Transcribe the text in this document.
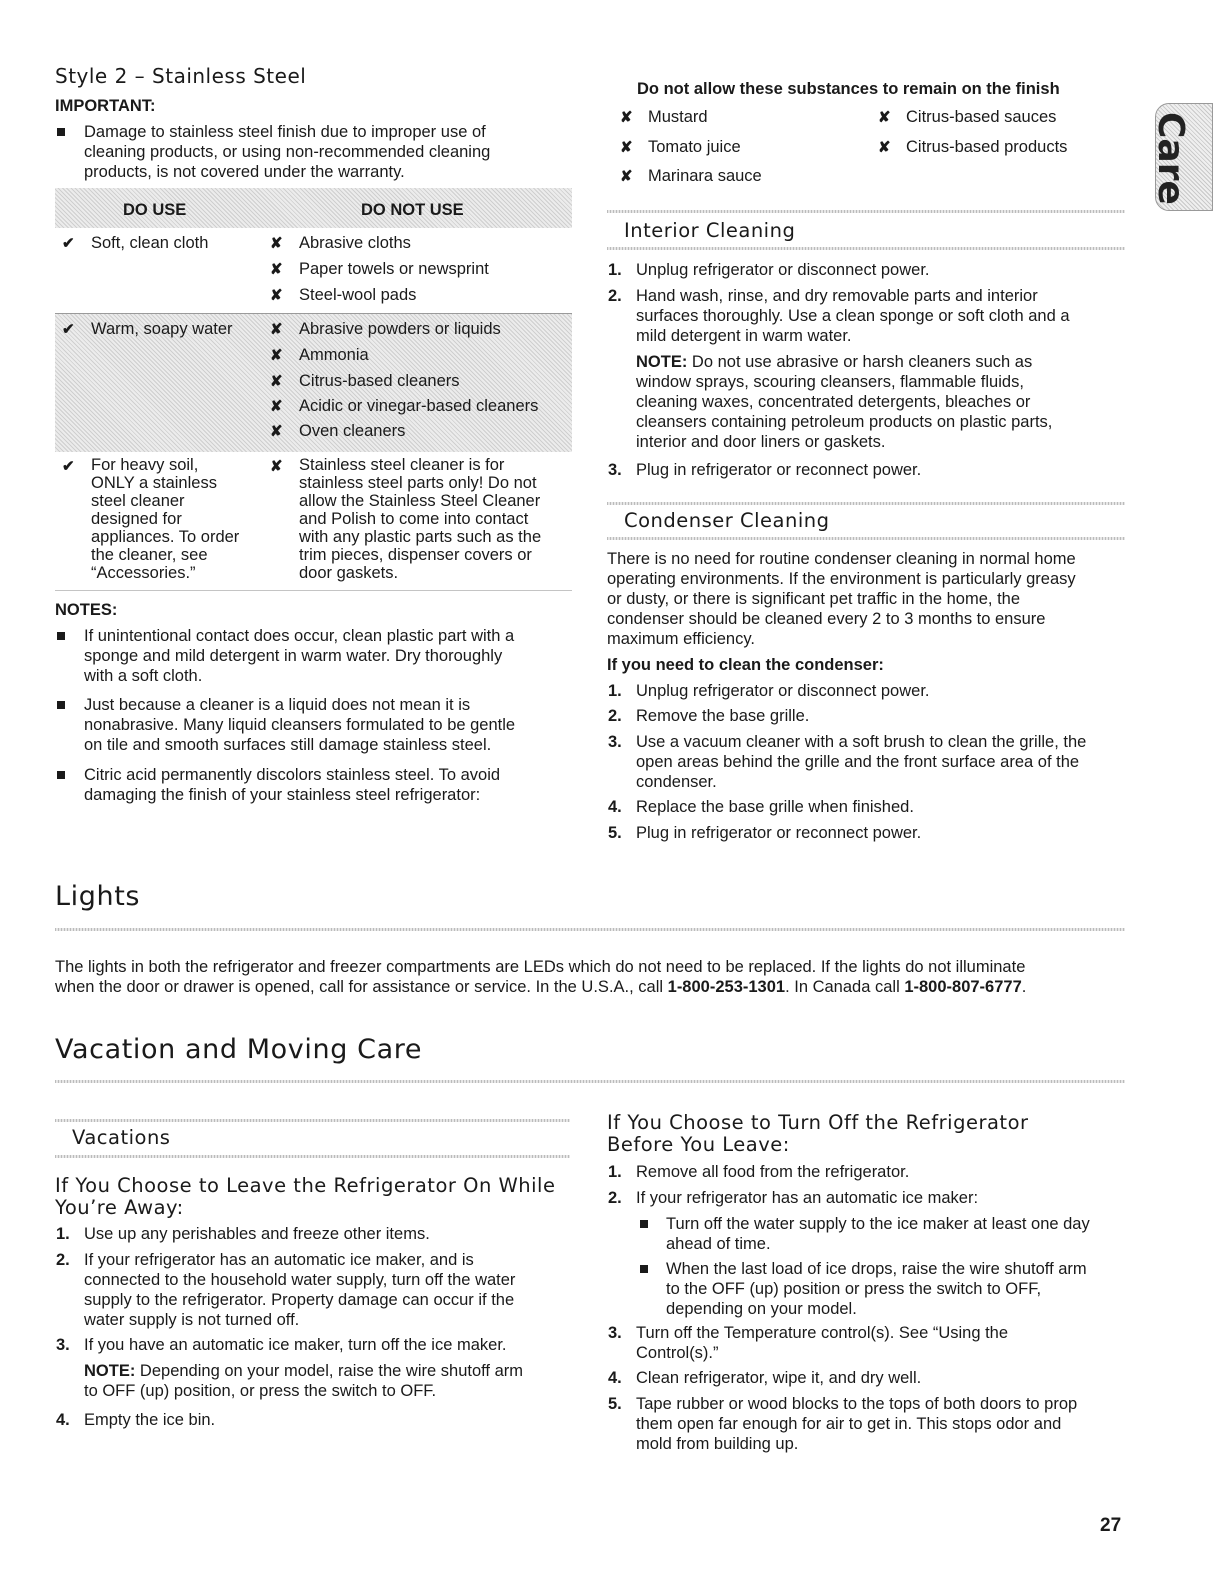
Style 2 – Stainless Steel
IMPORTANT:
Damage to stainless steel finish due to improper use of
cleaning products, or using non-recommended cleaning
products, is not covered under the warranty.
DO USE	DO NOT USE
✔ Soft, clean cloth	✘ Abrasive cloths
✘ Paper towels or newsprint
✘ Steel-wool pads
✔ Warm, soapy water ✘ Abrasive powders or liquids
✘ Ammonia
✘ Citrus-based cleaners
✘ Acidic or vinegar-based cleaners
✘ Oven cleaners
✔ For heavy soil,
ONLY a stainless
steel cleaner
designed for
appliances. To order
the cleaner, see
“Accessories.”
✘ Stainless steel cleaner is for
stainless steel parts only! Do not
allow the Stainless Steel Cleaner
and Polish to come into contact
with any plastic parts such as the
trim pieces, dispenser covers or
door gaskets.
NOTES:
If unintentional contact does occur, clean plastic part with a
sponge and mild detergent in warm water. Dry thoroughly
with a soft cloth.
Just because a cleaner is a liquid does not mean it is
nonabrasive. Many liquid cleansers formulated to be gentle
on tile and smooth surfaces still damage stainless steel.
Citric acid permanently discolors stainless steel. To avoid
damaging the finish of your stainless steel refrigerator:
Do not allow these substances to remain on the finish
✘ Mustard
✘ Tomato juice
✘ Marinara sauce
✘ Citrus-based sauces
✘ Citrus-based products Care
Interior Cleaning
1. Unplug refrigerator or disconnect power.
2. Hand wash, rinse, and dry removable parts and interior
surfaces thoroughly. Use a clean sponge or soft cloth and a
mild detergent in warm water.
NOTE: Do not use abrasive or harsh cleaners such as
window sprays, scouring cleansers, flammable fluids,
cleaning waxes, concentrated detergents, bleaches or
cleansers containing petroleum products on plastic parts,
interior and door liners or gaskets.
3. Plug in refrigerator or reconnect power.
Condenser Cleaning
There is no need for routine condenser cleaning in normal home
operating environments. If the environment is particularly greasy
or dusty, or there is significant pet traffic in the home, the
condenser should be cleaned every 2 to 3 months to ensure
maximum efficiency.
If you need to clean the condenser:
1. Unplug refrigerator or disconnect power.
2. Remove the base grille.
3. Use a vacuum cleaner with a soft brush to clean the grille, the
open areas behind the grille and the front surface area of the
condenser.
4. Replace the base grille when finished.
5. Plug in refrigerator or reconnect power.
Lights
The lights in both the refrigerator and freezer compartments are LEDs which do not need to be replaced. If the lights do not illuminate
when the door or drawer is opened, call for assistance or service. In the U.S.A., call 1-800-253-1301. In Canada call 1-800-807-6777.
Vacation and Moving Care
Vacations
If You Choose to Leave the Refrigerator On While
You’re Away:
1. Use up any perishables and freeze other items.
2. If your refrigerator has an automatic ice maker, and is
connected to the household water supply, turn off the water
supply to the refrigerator. Property damage can occur if the
water supply is not turned off.
3. If you have an automatic ice maker, turn off the ice maker.
NOTE: Depending on your model, raise the wire shutoff arm
to OFF (up) position, or press the switch to OFF.
4. Empty the ice bin.
If You Choose to Turn Off the Refrigerator
Before You Leave:
1. Remove all food from the refrigerator.
2. If your refrigerator has an automatic ice maker:
Turn off the water supply to the ice maker at least one day
ahead of time.
When the last load of ice drops, raise the wire shutoff arm
to the OFF (up) position or press the switch to OFF,
depending on your model.
3. Turn off the Temperature control(s). See “Using the
Control(s).”
4. Clean refrigerator, wipe it, and dry well.
5. Tape rubber or wood blocks to the tops of both doors to prop
them open far enough for air to get in. This stops odor and
mold from building up.
27
